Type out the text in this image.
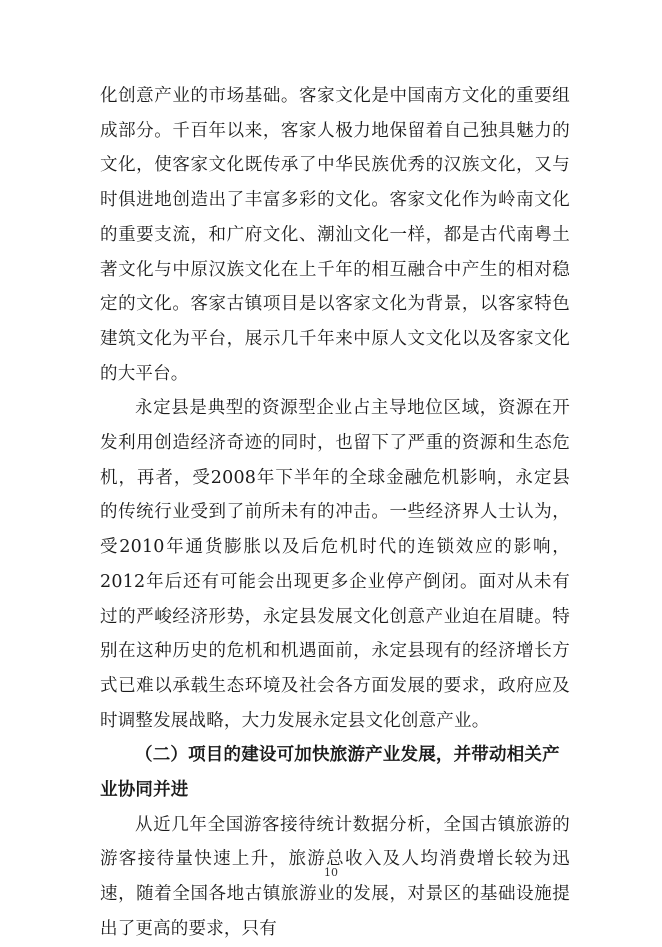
化创意产业的市场基础。客家文化是中国南方文化的重要组成部分。千百年以来，客家人极力地保留着自己独具魅力的文化，使客家文化既传承了中华民族优秀的汉族文化，又与时俱进地创造出了丰富多彩的文化。客家文化作为岭南文化的重要支流，和广府文化、潮汕文化一样，都是古代南粤土著文化与中原汉族文化在上千年的相互融合中产生的相对稳定的文化。客家古镇项目是以客家文化为背景，以客家特色建筑文化为平台，展示几千年来中原人文文化以及客家文化的大平台。

永定县是典型的资源型企业占主导地位区域，资源在开发利用创造经济奇迹的同时，也留下了严重的资源和生态危机，再者，受2008年下半年的全球金融危机影响，永定县的传统行业受到了前所未有的冲击。一些经济界人士认为，受2010年通货膨胀以及后危机时代的连锁效应的影响，2012年后还有可能会出现更多企业停产倒闭。面对从未有过的严峻经济形势，永定县发展文化创意产业迫在眉睫。特别在这种历史的危机和机遇面前，永定县现有的经济增长方式已难以承载生态环境及社会各方面发展的要求，政府应及时调整发展战略，大力发展永定县文化创意产业。

（二）项目的建设可加快旅游产业发展，并带动相关产业协同并进

从近几年全国游客接待统计数据分析，全国古镇旅游的游客接待量快速上升，旅游总收入及人均消费增长较为迅速，随着全国各地古镇旅游业的发展，对景区的基础设施提出了更高的要求，只有

10
